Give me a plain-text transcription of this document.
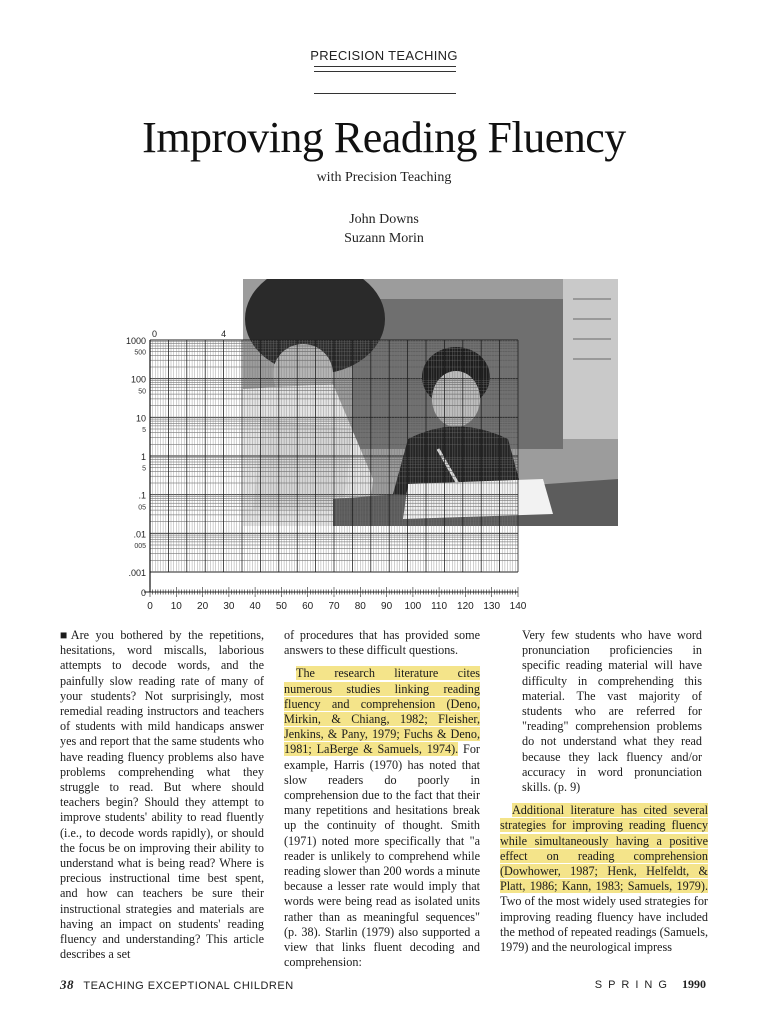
PRECISION TEACHING
Improving Reading Fluency
with Precision Teaching
John Downs
Suzann Morin
1000
100
10
1
.1
.01
.001
0
500
50
5
5
05
005
0 10 20 30 40 50 60 70 80 90 100 110 120 130 140
0	4

■Are you bothered by the repetitions, hesitations, word miscalls, laborious attempts to decode words, and the painfully slow reading rate of many of your students? Not surprisingly, most remedial reading instructors and teachers of students with mild handicaps answer yes and report that the same students who have reading fluency problems also have problems comprehending what they struggle to read. But where should teachers begin? Should they attempt to improve students' ability to read fluently (i.e., to decode words rapidly), or should the focus be on improving their ability to understand what is being read? Where is precious instructional time best spent, and how can teachers be sure their instructional strategies and materials are having an impact on students' reading fluency and understanding? This article describes a set

of procedures that has provided some answers to these difficult questions.

The research literature cites numerous studies linking reading fluency and comprehension (Deno, Mirkin, & Chiang, 1982; Fleisher, Jenkins, & Pany, 1979; Fuchs & Deno, 1981; LaBerge & Samuels, 1974). For example, Harris (1970) has noted that slow readers do poorly in comprehension due to the fact that their many repetitions and hesitations break up the continuity of thought. Smith (1971) noted more specifically that "a reader is unlikely to comprehend while reading slower than 200 words a minute because a lesser rate would imply that words were being read as isolated units rather than as meaningful sequences" (p. 38). Starlin (1979) also supported a view that links fluent decoding and comprehension:

Very few students who have word pronunciation proficiencies in specific reading material will have difficulty in comprehending this material. The vast majority of students who are referred for "reading" comprehension problems do not understand what they read because they lack fluency and/or accuracy in word pronunciation skills. (p. 9)

Additional literature has cited several strategies for improving reading fluency while simultaneously having a positive effect on reading comprehension (Dowhower, 1987; Henk, Helfeldt, & Platt, 1986; Kann, 1983; Samuels, 1979). Two of the most widely used strategies for improving reading fluency have included the method of repeated readings (Samuels, 1979) and the neurological impress

38 TEACHING EXCEPTIONAL CHILDREN	SPRING 1990
